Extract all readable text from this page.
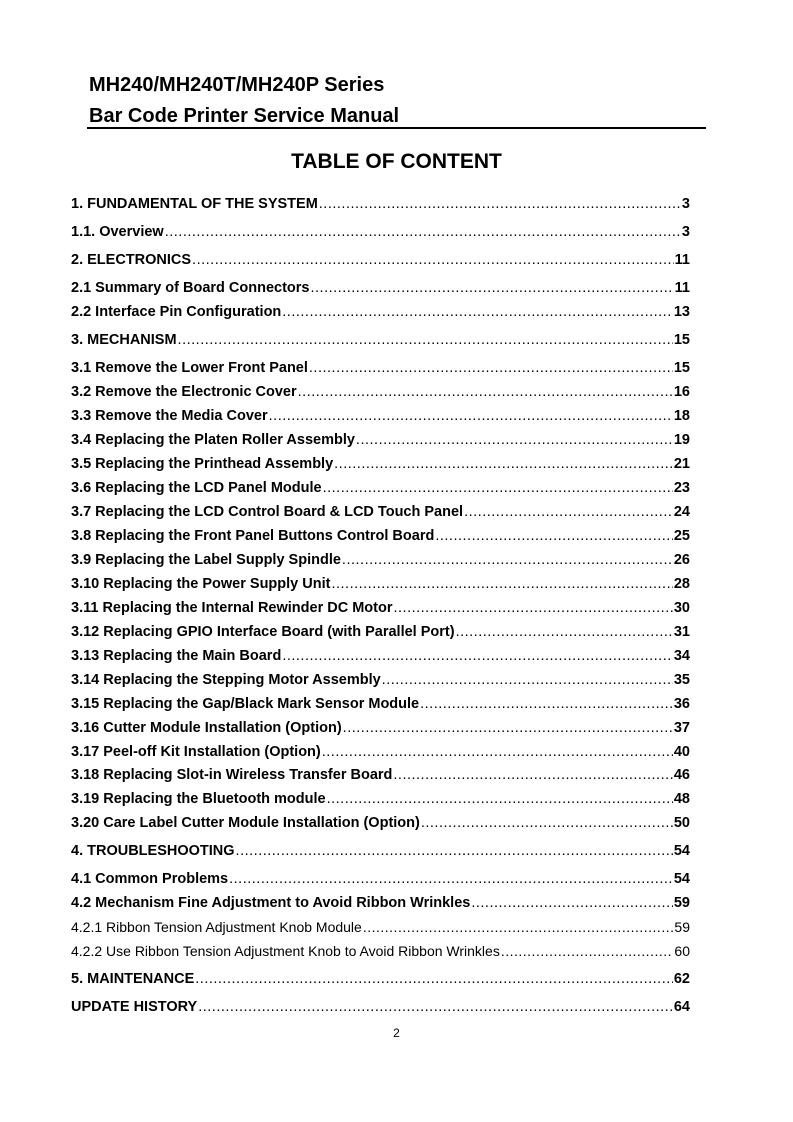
MH240/MH240T/MH240P Series
Bar Code Printer Service Manual
TABLE OF CONTENT
1. FUNDAMENTAL OF THE SYSTEM .....	3
1.1. Overview .....	3
2. ELECTRONICS .....	11
2.1 Summary of Board Connectors .....	11
2.2 Interface Pin Configuration .....	13
3. MECHANISM .....	15
3.1 Remove the Lower Front Panel .....	15
3.2 Remove the Electronic Cover .....	16
3.3 Remove the Media Cover .....	18
3.4 Replacing the Platen Roller Assembly .....	19
3.5 Replacing the Printhead Assembly .....	21
3.6 Replacing the LCD Panel Module .....	23
3.7 Replacing the LCD Control Board & LCD Touch Panel .....	24
3.8 Replacing the Front Panel Buttons Control Board .....	25
3.9 Replacing the Label Supply Spindle .....	26
3.10 Replacing the Power Supply Unit .....	28
3.11 Replacing the Internal Rewinder DC Motor .....	30
3.12 Replacing GPIO Interface Board (with Parallel Port) .....	31
3.13 Replacing the Main Board .....	34
3.14 Replacing the Stepping Motor Assembly .....	35
3.15 Replacing the Gap/Black Mark Sensor Module .....	36
3.16 Cutter Module Installation (Option) .....	37
3.17 Peel-off Kit Installation (Option) .....	40
3.18 Replacing Slot-in Wireless Transfer Board .....	46
3.19 Replacing the Bluetooth module .....	48
3.20 Care Label Cutter Module Installation (Option) .....	50
4. TROUBLESHOOTING .....	54
4.1 Common Problems .....	54
4.2 Mechanism Fine Adjustment to Avoid Ribbon Wrinkles .....	59
4.2.1 Ribbon Tension Adjustment Knob Module .....	59
4.2.2 Use Ribbon Tension Adjustment Knob to Avoid Ribbon Wrinkles .....	60
5. MAINTENANCE .....	62
UPDATE HISTORY .....	64
2
